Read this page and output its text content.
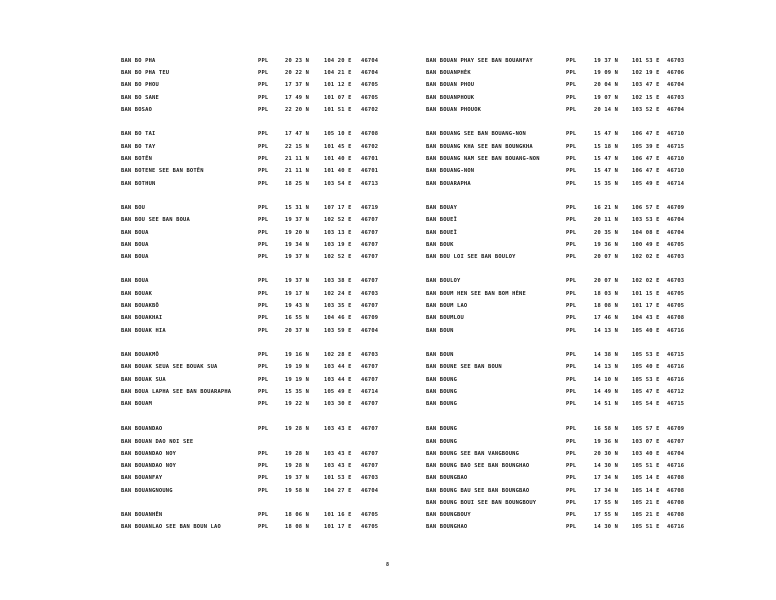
BAN BO PHA	PPL	20 23 N	104 20 E 46704
BAN BO PHA TEU	PPL	20 22 N	104 21 E 46704
BAN BO PHOU	PPL	17 37 N	101 12 E 46705
BAN BO SANE	PPL	17 49 N	101 07 E 46705
BAN BOSAO	PPL	22 20 N	101 51 E 46702
BAN BO TAI	PPL	17 47 N	105 10 E 46708
BAN BO TAY	PPL	22 15 N	101 45 E 46702
BAN BOTÊN	PPL	21 11 N	101 40 E 46701
BAN BOTENE SEE BAN BOTÊN	PPL	21 11 N	101 40 E 46701
BAN BOTHUN	PPL	18 25 N	103 54 E 46713
BAN BOU	PPL	15 31 N	107 17 E 46719
BAN BOU SEE BAN BOUA	PPL	19 37 N	102 52 E 46707
BAN BOUA	PPL	19 20 N	103 13 E 46707
BAN BOUA	PPL	19 34 N	103 19 E 46707
BAN BOUA	PPL	19 37 N	102 52 E 46707
BAN BOUA	PPL	19 37 N	103 38 E 46707
BAN BOUAK	PPL	19 17 N	102 24 E 46703
BAN BOUAKBÔ	PPL	19 43 N	103 35 E 46707
BAN BOUAKHAI	PPL	16 55 N	104 46 E 46709
BAN BOUAK HIA	PPL	20 37 N	103 59 E 46704
BAN BOUAKMÔ	PPL	19 16 N	102 28 E 46703
BAN BOUAK SEUA SEE BOUAK SUA	PPL	19 19 N	103 44 E 46707
BAN BOUAK SUA	PPL	19 19 N	103 44 E 46707
BAN BOUA LAPHA SEE BAN BOUARAPHA	PPL	15 35 N	105 49 E 46714
BAN BOUAM	PPL	19 22 N	103 30 E 46707
BAN BOUANDAO	PPL	19 28 N	103 43 E 46707
BAN BOUAN DAO NOI SEE
BAN BOUANDAO NOY	PPL	19 28 N	103 43 E 46707
BAN BOUANDAO NOY	PPL	19 28 N	103 43 E 46707
BAN BOUANFAY	PPL	19 37 N	101 53 E 46703
BAN BOUANGNOUNG	PPL	19 58 N	104 27 E 46704
BAN BOUANHÊN	PPL	18 06 N	101 16 E 46705
BAN BOUANLAO SEE BAN BOUN LAO	PPL	18 08 N	101 17 E 46705
BAN BOUAN PHAY SEE BAN BOUANFAY	PPL	19 37 N	101 53 E 46703
BAN BOUANPHÈK	PPL	19 09 N	102 19 E 46706
BAN BOUAN PHOU	PPL	20 04 N	103 47 E 46704
BAN BOUANPHOUK	PPL	19 07 N	102 15 E 46703
BAN BOUAN PHOUOK	PPL	20 14 N	103 52 E 46704
BAN BOUANG SEE BAN BOUANG-NON	PPL	15 47 N	106 47 E 46710
BAN BOUANG KHA SEE BAN BOUNGKHA	PPL	15 18 N	105 39 E 46715
BAN BOUANG NAM SEE BAN BOUANG-NON	PPL	15 47 N	106 47 E 46710
BAN BOUANG-NON	PPL	15 47 N	106 47 E 46710
BAN BOUARAPHA	PPL	15 35 N	105 49 E 46714
BAN BOUAY	PPL	16 21 N	106 57 E 46709
BAN BOUEÏ	PPL	20 11 N	103 53 E 46704
BAN BOUEÏ	PPL	20 35 N	104 08 E 46704
BAN BOUK	PPL	19 36 N	100 49 E 46705
BAN BOU LOI SEE BAN BOULOY	PPL	20 07 N	102 02 E 46703
BAN BOULOY	PPL	20 07 N	102 02 E 46703
BAN BOUM HEN SEE BAN BOM HÈNE	PPL	18 03 N	101 15 E 46705
BAN BOUM LAO	PPL	18 08 N	101 17 E 46705
BAN BOUMLOU	PPL	17 46 N	104 43 E 46708
BAN BOUN	PPL	14 13 N	105 40 E 46716
BAN BOUN	PPL	14 38 N	105 53 E 46715
BAN BOUNE SEE BAN BOUN	PPL	14 13 N	105 40 E 46716
BAN BOUNG	PPL	14 10 N	105 53 E 46716
BAN BOUNG	PPL	14 49 N	105 47 E 46712
BAN BOUNG	PPL	14 51 N	105 54 E 46715
BAN BOUNG	PPL	16 58 N	105 57 E 46709
BAN BOUNG	PPL	19 36 N	103 07 E 46707
BAN BOUNG SEE BAN VANGBOUNG	PPL	20 30 N	103 40 E 46704
BAN BOUNG BAO SEE BAN BOUNGHAO	PPL	14 30 N	105 51 E 46716
BAN BOUNGBAO	PPL	17 34 N	105 14 E 46708
BAN BOUNG BAU SEE BAN BOUNGBAO	PPL	17 34 N	105 14 E 46708
BAN BOUNG BOUI SEE BAN BOUNGBOUY	PPL	17 55 N	105 21 E 46708
BAN BOUNGBOUY	PPL	17 55 N	105 21 E 46708
BAN BOUNGHAO	PPL	14 30 N	105 51 E 46716
8
